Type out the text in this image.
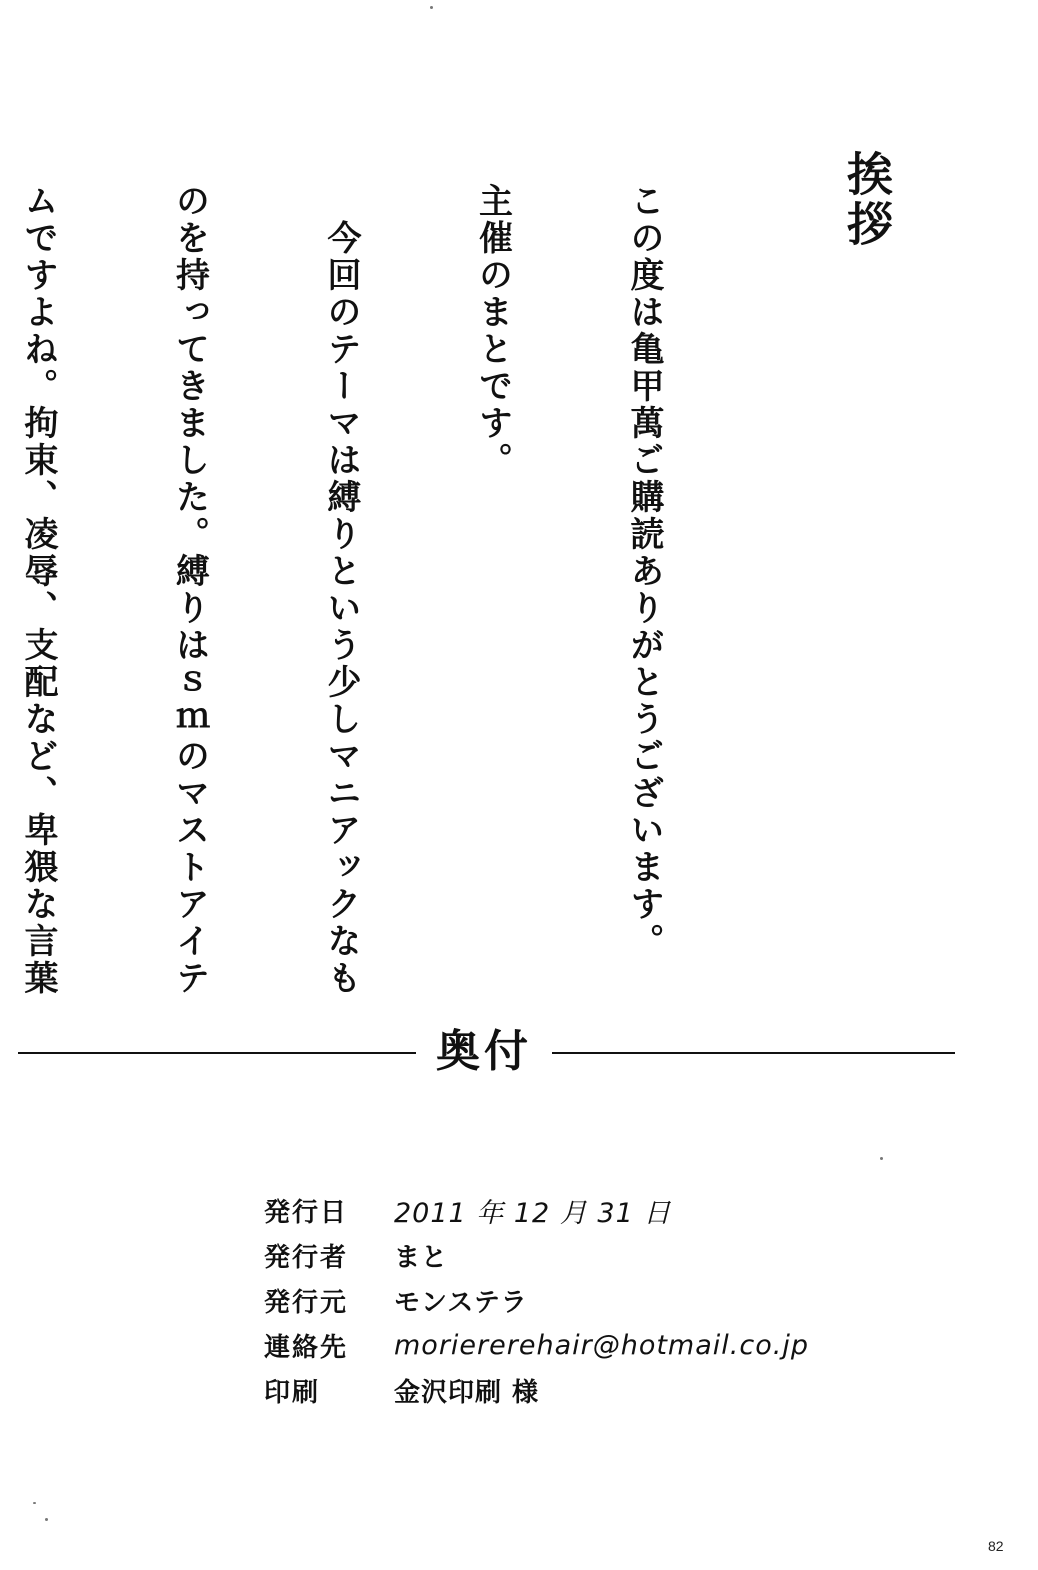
挨拶

この度は亀甲萬ご購読ありがとうございます。

主催のまとです。

　今回のテーマは縛りという少しマニアックなも

のを持ってきました。縛りはｓｍのマストアイテ

ムですよね。拘束、凌辱、支配など、卑猥な言葉

奥付
発行日	2011 年 12 月 31 日
発行者	まと
発行元	モンステラ
連絡先	moriererehair@hotmail.co.jp
印刷	金沢印刷 様
82
